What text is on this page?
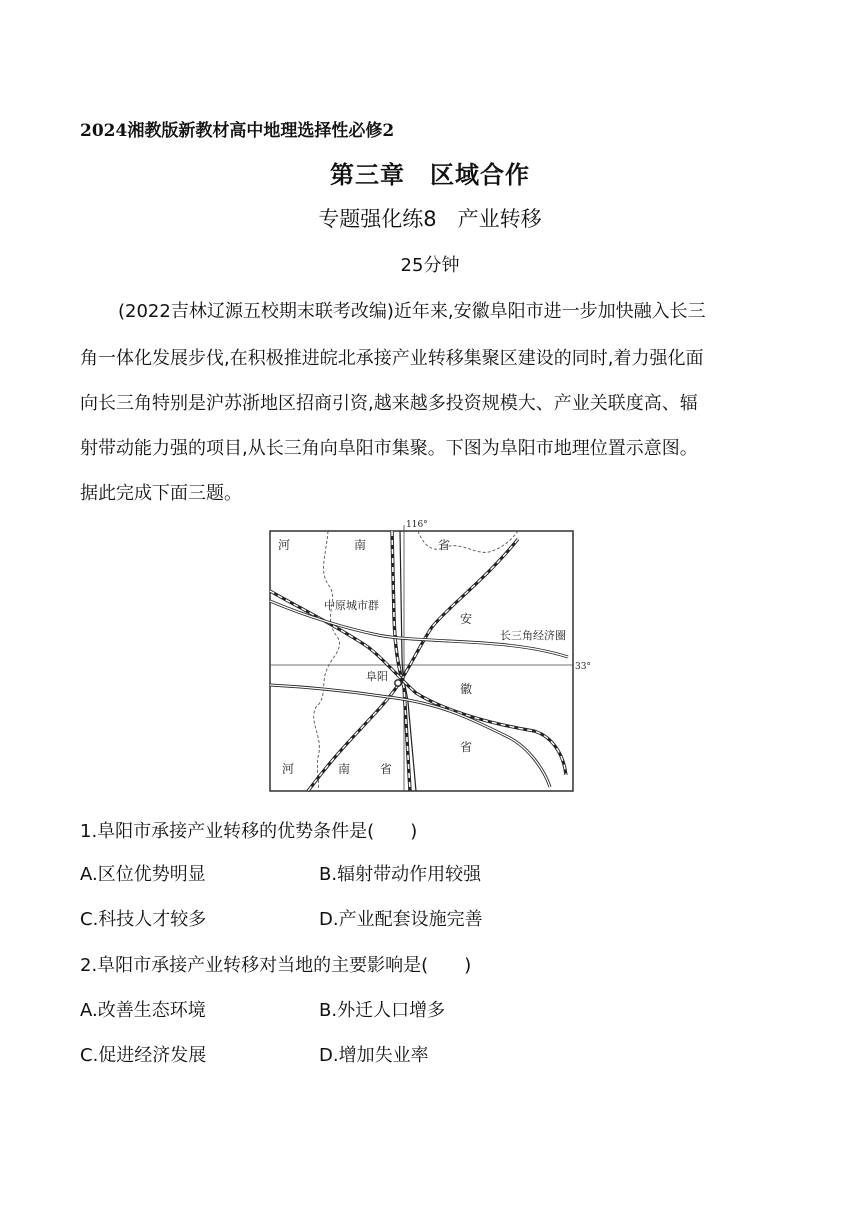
2024湘教版新教材高中地理选择性必修2
第三章　区域合作
专题强化练8　产业转移
25分钟
(2022吉林辽源五校期末联考改编)近年来,安徽阜阳市进一步加快融入长三
角一体化发展步伐,在积极推进皖北承接产业转移集聚区建设的同时,着力强化面
向长三角特别是沪苏浙地区招商引资,越来越多投资规模大、产业关联度高、辐
射带动能力强的项目,从长三角向阜阳市集聚。下图为阜阳市地理位置示意图。
据此完成下面三题。
116°
33°
河	南	省
中原城市群
安
长三角经济圈
阜阳
徽
省
河	南 省
1.阜阳市承接产业转移的优势条件是(　　)
A.区位优势明显	B.辐射带动作用较强
C.科技人才较多	D.产业配套设施完善
2.阜阳市承接产业转移对当地的主要影响是(　　)
A.改善生态环境	B.外迁人口增多
C.促进经济发展	D.增加失业率
